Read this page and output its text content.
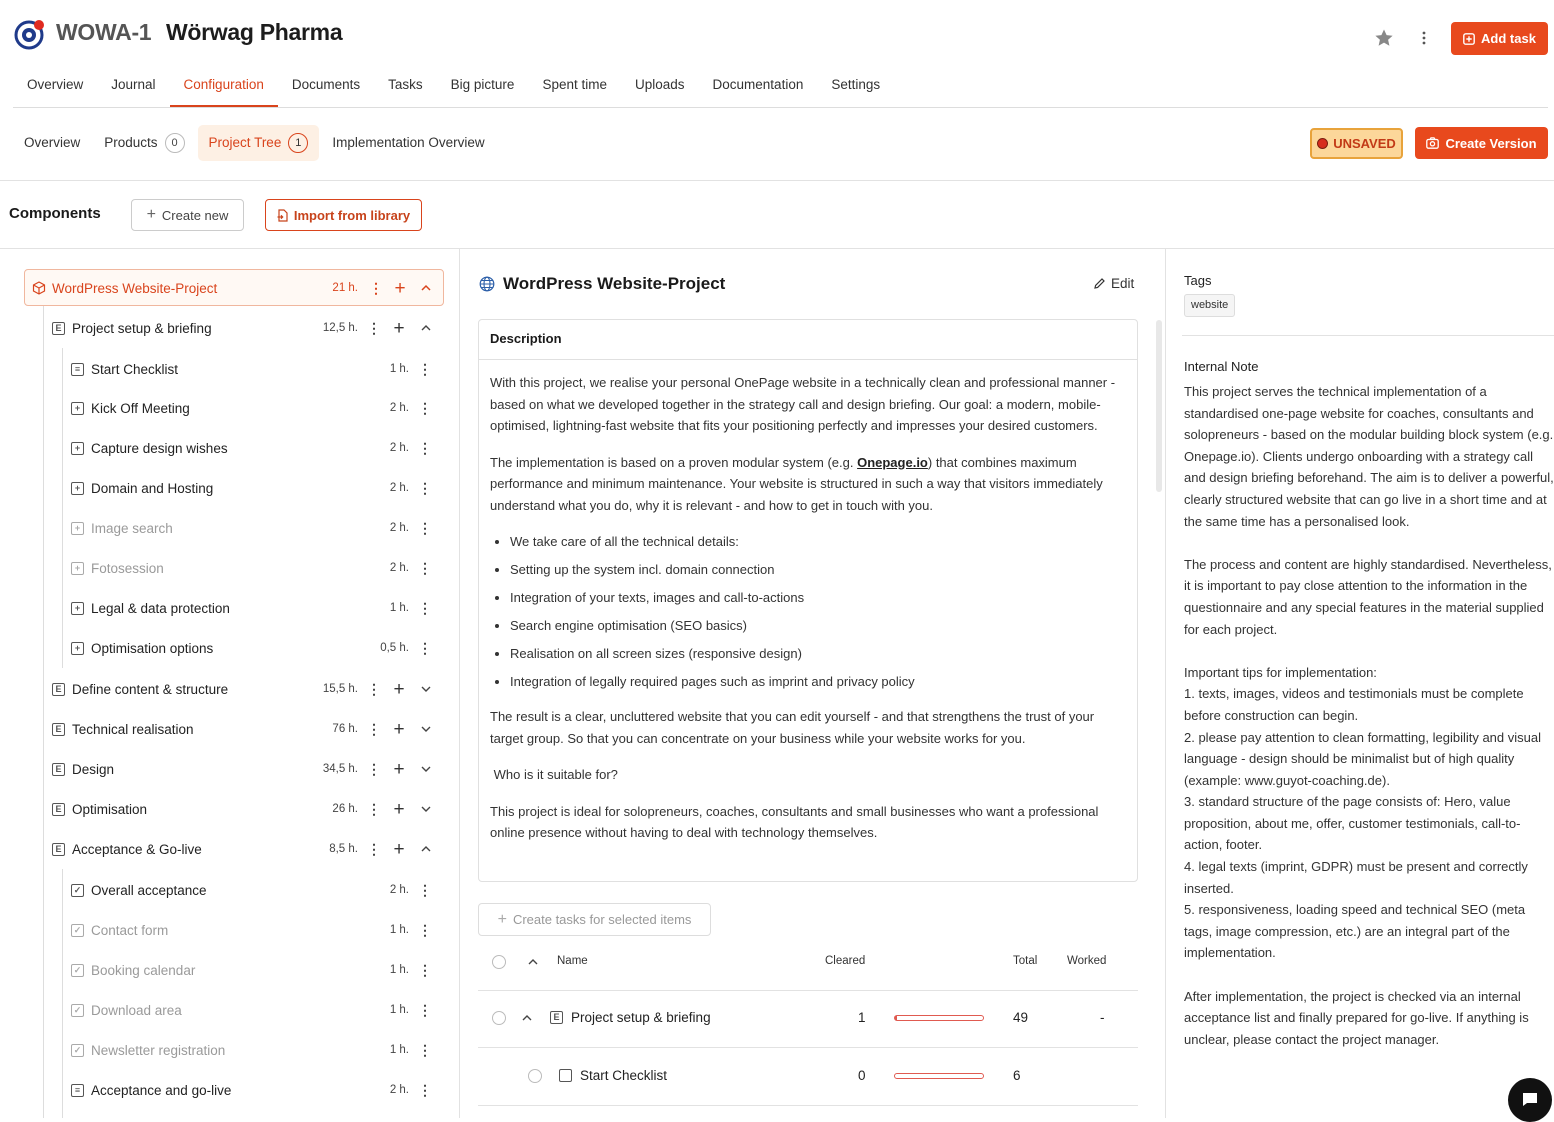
WOWA-1 Wörwag Pharma	Add task
Overview	Journal	Configuration	Documents	Tasks	Big picture	Spent time	Uploads	Documentation	Settings
Overview Products	0	Project Tree	1	Implementation Overview	UNSAVED	Create Version
Components	+ Create new	Import from library
WordPress Website-Project	21 h. ⋮ +
E Project setup & briefing	12,5 h. ⋮ +
≡ Start Checklist	1 h. ⋮
+ Kick Off Meeting	2 h. ⋮
+ Capture design wishes	2 h. ⋮
+ Domain and Hosting	2 h. ⋮
+ Image search	2 h. ⋮
+ Fotosession	2 h. ⋮
+ Legal & data protection	1 h. ⋮
+ Optimisation options	0,5 h. ⋮
E Define content & structure	15,5 h. ⋮ +
E Technical realisation	76 h. ⋮ +
E Design	34,5 h. ⋮ +
E Optimisation	26 h. ⋮ +
E Acceptance & Go-live	8,5 h. ⋮ +
✓ Overall acceptance	2 h. ⋮
✓ Contact form	1 h. ⋮
✓ Booking calendar	1 h. ⋮
✓ Download area	1 h. ⋮
✓ Newsletter registration	1 h. ⋮
≡ Acceptance and go-live	2 h. ⋮
WordPress Website-Project	Edit
Description

With this project, we realise your personal OnePage website in a technically clean and professional manner - based on what we developed together in the strategy call and design briefing. Our goal: a modern, mobile-optimised, lightning-fast website that fits your positioning perfectly and impresses your desired customers.

The implementation is based on a proven modular system (e.g. Onepage.io) that combines maximum performance and minimum maintenance. Your website is structured in such a way that visitors immediately understand what you do, why it is relevant - and how to get in touch with you.

• We take care of all the technical details:
• Setting up the system incl. domain connection
• Integration of your texts, images and call-to-actions
• Search engine optimisation (SEO basics)
• Realisation on all screen sizes (responsive design)
• Integration of legally required pages such as imprint and privacy policy

The result is a clear, uncluttered website that you can edit yourself - and that strengthens the trust of your target group. So that you can concentrate on your business while your website works for you.

Who is it suitable for?

This project is ideal for solopreneurs, coaches, consultants and small businesses who want a professional online presence without having to deal with technology themselves.

+ Create tasks for selected items
Name	Cleared	Total	Worked
E Project setup & briefing	1	49	-
Start Checklist	0	6
Tags
website
Internal Note
This project serves the technical implementation of a standardised one-page website for coaches, consultants and solopreneurs - based on the modular building block system (e.g. Onepage.io). Clients undergo onboarding with a strategy call and design briefing beforehand. The aim is to deliver a powerful, clearly structured website that can go live in a short time and at the same time has a personalised look.

The process and content are highly standardised. Nevertheless, it is important to pay close attention to the information in the questionnaire and any special features in the material supplied for each project.

Important tips for implementation:
1. texts, images, videos and testimonials must be complete before construction can begin.
2. please pay attention to clean formatting, legibility and visual language - design should be minimalist but of high quality (example: www.guyot-coaching.de).
3. standard structure of the page consists of: Hero, value proposition, about me, offer, customer testimonials, call-to-action, footer.
4. legal texts (imprint, GDPR) must be present and correctly inserted.
5. responsiveness, loading speed and technical SEO (meta tags, image compression, etc.) are an integral part of the implementation.

After implementation, the project is checked via an internal acceptance list and finally prepared for go-live. If anything is unclear, please contact the project manager.
